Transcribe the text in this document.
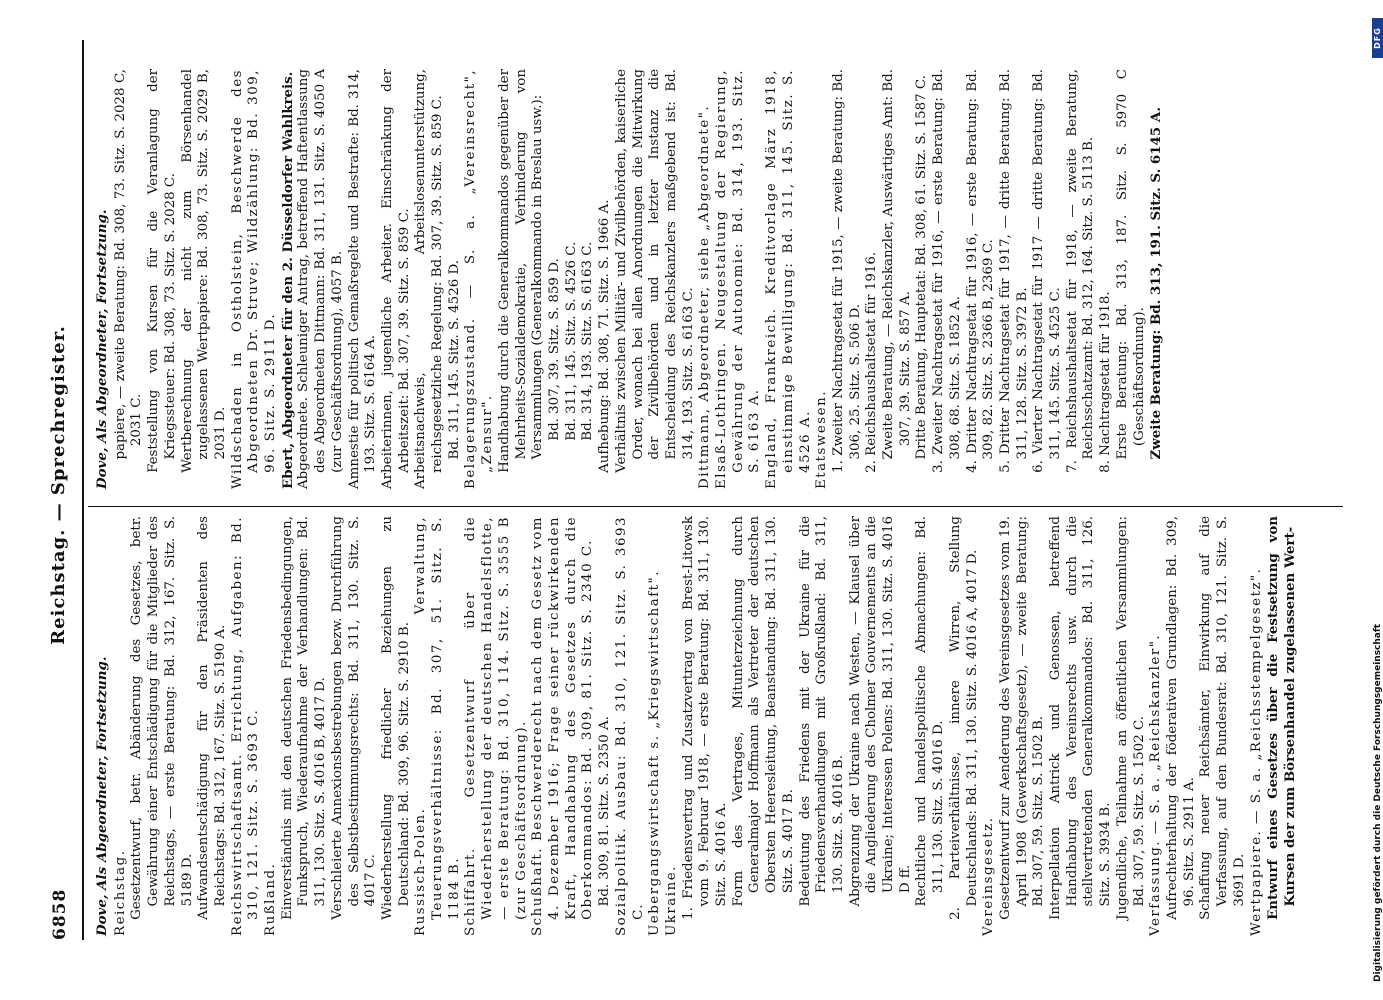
6858
Reichstag. — Sprechregister.
Dove, Als Abgeordneter, Fortsetzung. Reichstag. Gesetzentwurf, betr. Abänderung des Gesetzes, betr. Gewährung einer Entschädigung für die Mitglieder des Reichstags, — erste Beratung: Bd. 312, 167. Sitz. S. 5189 D. Aufwandsentschädigung für den Präsidenten des Reichstags: Bd. 312, 167. Sitz. S. 5190 A. Reichswirtschaftsamt. Errichtung, Aufgaben: Bd. 310, 121. Sitz. S. 3693 C. Rußland. Einverständnis mit den deutschen Friedensbedingungen, Funkspruch, Wiederaufnahme der Verhandlungen: Bd. 311, 130. Sitz. S. 4016 B, 4017 D. Verschleierte Annexionsbestrebungen bezw. Durchführung des Selbstbestimmungsrechts: Bd. 311, 130. Sitz. S. 4017 C. Wiederherstellung friedlicher Beziehungen zu Deutschland: Bd. 309, 96. Sitz. S. 2910 B. Russisch-Polen. Verwaltung, Teuerungsverhältnisse: Bd. 307, 51. Sitz. S. 1184 B. Schiffahrt. Gesetzentwurf über die Wiederherstellung der deutschen Handelsflotte, — erste Beratung: Bd. 310, 114. Sitz. S. 3555 B (zur Geschäftsordnung). Schußhaft. Beschwerderecht nach dem Gesetz vom 4. Dezember 1916; Frage seiner rückwirkenden Kraft, Handhabung des Gesetzes durch die Oberkommandos: Bd. 309, 81. Sitz. S. 2340 C. Bd. 309, 81. Sitz. S. 2350 A. Sozialpolitik. Ausbau: Bd. 310, 121. Sitz. S. 3693 C. Uebergangswirtschaft s. „Kriegswirtschaft". Ukraine. 1. Friedensvertrag und Zusatzvertrag von Brest-Litowsk vom 9. Februar 1918, — erste Beratung: Bd. 311, 130. Sitz. S. 4016 A. Form des Vertrages, Mitunterzeichnung durch Generalmajor Hoffmann als Vertreter der deutschen Obersten Heeresleitung, Beanstandung: Bd. 311, 130. Sitz. S. 4017 B. Bedeutung des Friedens mit der Ukraine für die Friedensverhandlungen mit Großrußland: Bd. 311, 130. Sitz. S. 4016 B. Abgrenzung der Ukraine nach Westen, — Klausel über die Angliederung des Cholmer Gouvernements an die Ukraine; Interessen Polens: Bd. 311, 130. Sitz. S. 4016 D ff. Rechtliche und handelspolitische Abmachungen: Bd. 311, 130. Sitz. S. 4016 D. 2. Parteiverhältnisse, innere Wirren, Stellung Deutschlands: Bd. 311, 130. Sitz. S. 4016 A, 4017 D. Vereinsgesetz. Gesetzentwurf zur Aenderung des Vereinsgesetzes vom 19. April 1908 (Gewerkschaftsgesetz), — zweite Beratung: Bd. 307, 59. Sitz. S. 1502 B. Interpellation Antrick und Genossen, betreffend Handhabung des Vereinsrechts usw. durch die stellvertretenden Generalkommandos: Bd. 311, 126. Sitz. S. 3934 B. Jugendliche, Teilnahme an öffentlichen Versammlungen: Bd. 307, 59. Sitz. S. 1502 C. Verfassung. — S. a. „Reichskanzler". Aufrechterhaltung der föderativen Grundlagen: Bd. 309, 96. Sitz. S. 2911 A. Schaffung neuer Reichsämter, Einwirkung auf die Verfassung, auf den Bundesrat: Bd. 310, 121. Sitz. S. 3691 D. Wertpapiere. — S. a. „Reichsstempelgesetz". Entwurf eines Gesetzes über die Festsetzung von Kursen der zum Börsenhandel zugelassenen Wert-

Dove, Als Abgeordneter, Fortsetzung. papiere, — zweite Beratung: Bd. 308, 73. Sitz. S. 2028 C, 2031 C. Feststellung von Kursen für die Veranlagung der Kriegssteuer: Bd. 308, 73. Sitz. S. 2028 C. Wertberechnung der nicht zum Börsenhandel zugelassenen Wertpapiere: Bd. 308, 73. Sitz. S. 2029 B, 2031 D. Wildschaden in Ostholstein, Beschwerde des Abgeordneten Dr. Struve; Wildzählung: Bd. 309, 96. Sitz. S. 2911 D. Ebert, Abgeordneter für den 2. Düsseldorfer Wahlkreis. Abgeordnete. Schleuniger Antrag, betreffend Haftentlassung des Abgeordneten Dittmann: Bd. 311, 131. Sitz. S. 4050 A (zur Geschäftsordnung), 4057 B. Amnestie für politisch Gemaßregelte und Bestrafte: Bd. 314, 193. Sitz. S. 6164 A. Arbeiterinnen, jugendliche Arbeiter. Einschränkung der Arbeitszeit: Bd. 307, 39. Sitz. S. 859 C. Arbeitsnachweis, Arbeitslosenunterstützung, reichsgesetzliche Regelung: Bd. 307, 39. Sitz. S. 859 C. Bd. 311, 145. Sitz. S. 4526 D. Belagerungszustand. — S. a. „Vereinsrecht", „Zensur". Handhabung durch die Generalkommandos gegenüber der Mehrheits-Sozialdemokratie, Verhinderung von Versammlungen (Generalkommando in Breslau usw.): Bd. 307, 39. Sitz. S. 859 D. Bd. 311, 145. Sitz. S. 4526 C. Bd. 314, 193. Sitz. S. 6163 C. Aufhebung: Bd. 308, 71. Sitz. S. 1966 A. Verhältnis zwischen Militär- und Zivilbehörden, kaiserliche Order, wonach bei allen Anordnungen die Mitwirkung der Zivilbehörden und in letzter Instanz die Entscheidung des Reichskanzlers maßgebend ist: Bd. 314, 193. Sitz. S. 6163 C. Dittmann, Abgeordneter, siehe „Abgeordnete". Elsaß-Lothringen. Neugestaltung der Regierung, Gewährung der Autonomie: Bd. 314, 193. Sitz. S. 6163 A. England, Frankreich. Kreditvorlage März 1918, einstimmige Bewilligung: Bd. 311, 145. Sitz. S. 4526 A. Etatswesen. 1. Zweiter Nachtragsetat für 1915, — zweite Beratung: Bd. 306, 25. Sitz. S. 506 D. 2. Reichshaushaltsetat für 1916. Zweite Beratung, — Reichskanzler, Auswärtiges Amt: Bd. 307, 39. Sitz. S. 857 A. Dritte Beratung, Hauptetat: Bd. 308, 61. Sitz. S. 1587 C. 3. Zweiter Nachtragsetat für 1916, — erste Beratung: Bd. 308, 68. Sitz. S. 1852 A. 4. Dritter Nachtragsetat für 1916, — erste Beratung: Bd. 309, 82. Sitz. S. 2366 B, 2369 C. 5. Dritter Nachtragsetat für 1917, — dritte Beratung: Bd. 311, 128. Sitz. S. 3972 B. 6. Vierter Nachtragsetat für 1917 — dritte Beratung: Bd. 311, 145. Sitz. S. 4525 C. 7. Reichshaushaltsetat für 1918, — zweite Beratung, Reichsschatzamt: Bd. 312, 164. Sitz. S. 5113 B. 8. Nachtragsetat für 1918. Erste Beratung: Bd. 313, 187. Sitz. S. 5970 C (Geschäftsordnung). Zweite Beratung: Bd. 313, 191. Sitz. S. 6145 A.

Digitalisierung gefördert durch die Deutsche Forschungsgemeinschaft
DFG
